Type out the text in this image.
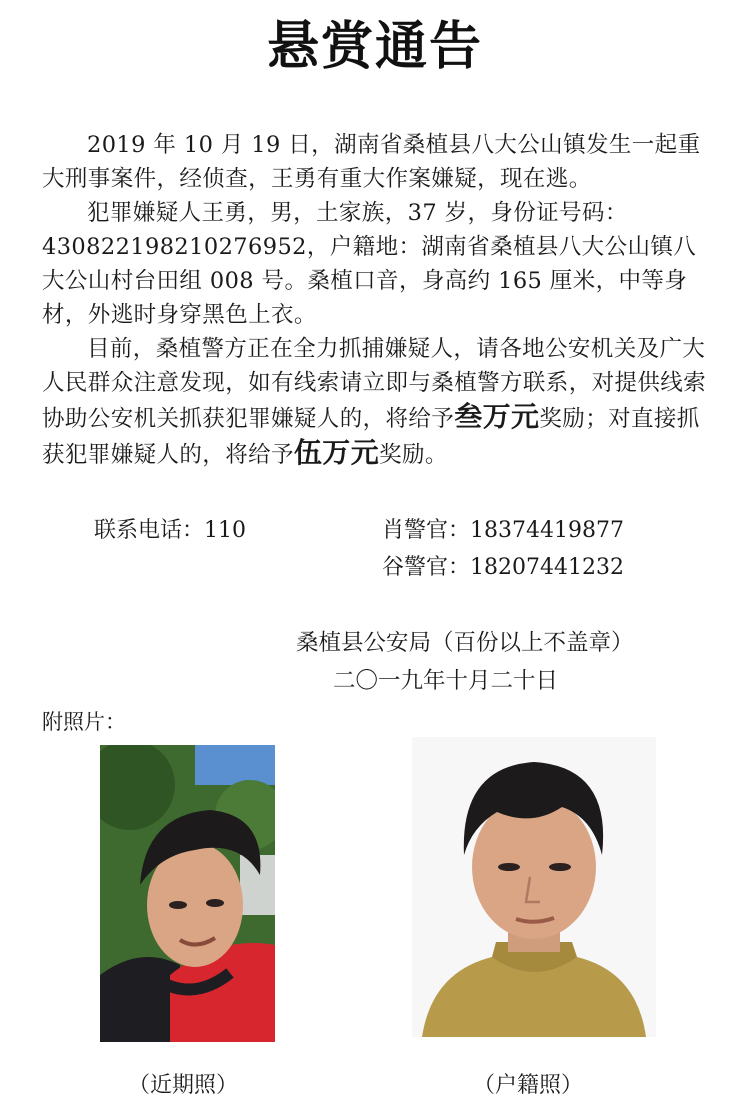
悬赏通告

2019 年 10 月 19 日，湖南省桑植县八大公山镇发生一起重大刑事案件，经侦查，王勇有重大作案嫌疑，现在逃。

犯罪嫌疑人王勇，男，土家族，37 岁，身份证号码：430822198210276952，户籍地：湖南省桑植县八大公山镇八大公山村台田组 008 号。桑植口音，身高约 165 厘米，中等身材，外逃时身穿黑色上衣。

目前，桑植警方正在全力抓捕嫌疑人，请各地公安机关及广大人民群众注意发现，如有线索请立即与桑植警方联系，对提供线索协助公安机关抓获犯罪嫌疑人的，将给予叁万元奖励；对直接抓获犯罪嫌疑人的，将给予伍万元奖励。

联系电话：110	肖警官：18374419877
谷警官：18207441232
桑植县公安局（百份以上不盖章）
二〇一九年十月二十日
附照片：
（近期照）	（户籍照）
